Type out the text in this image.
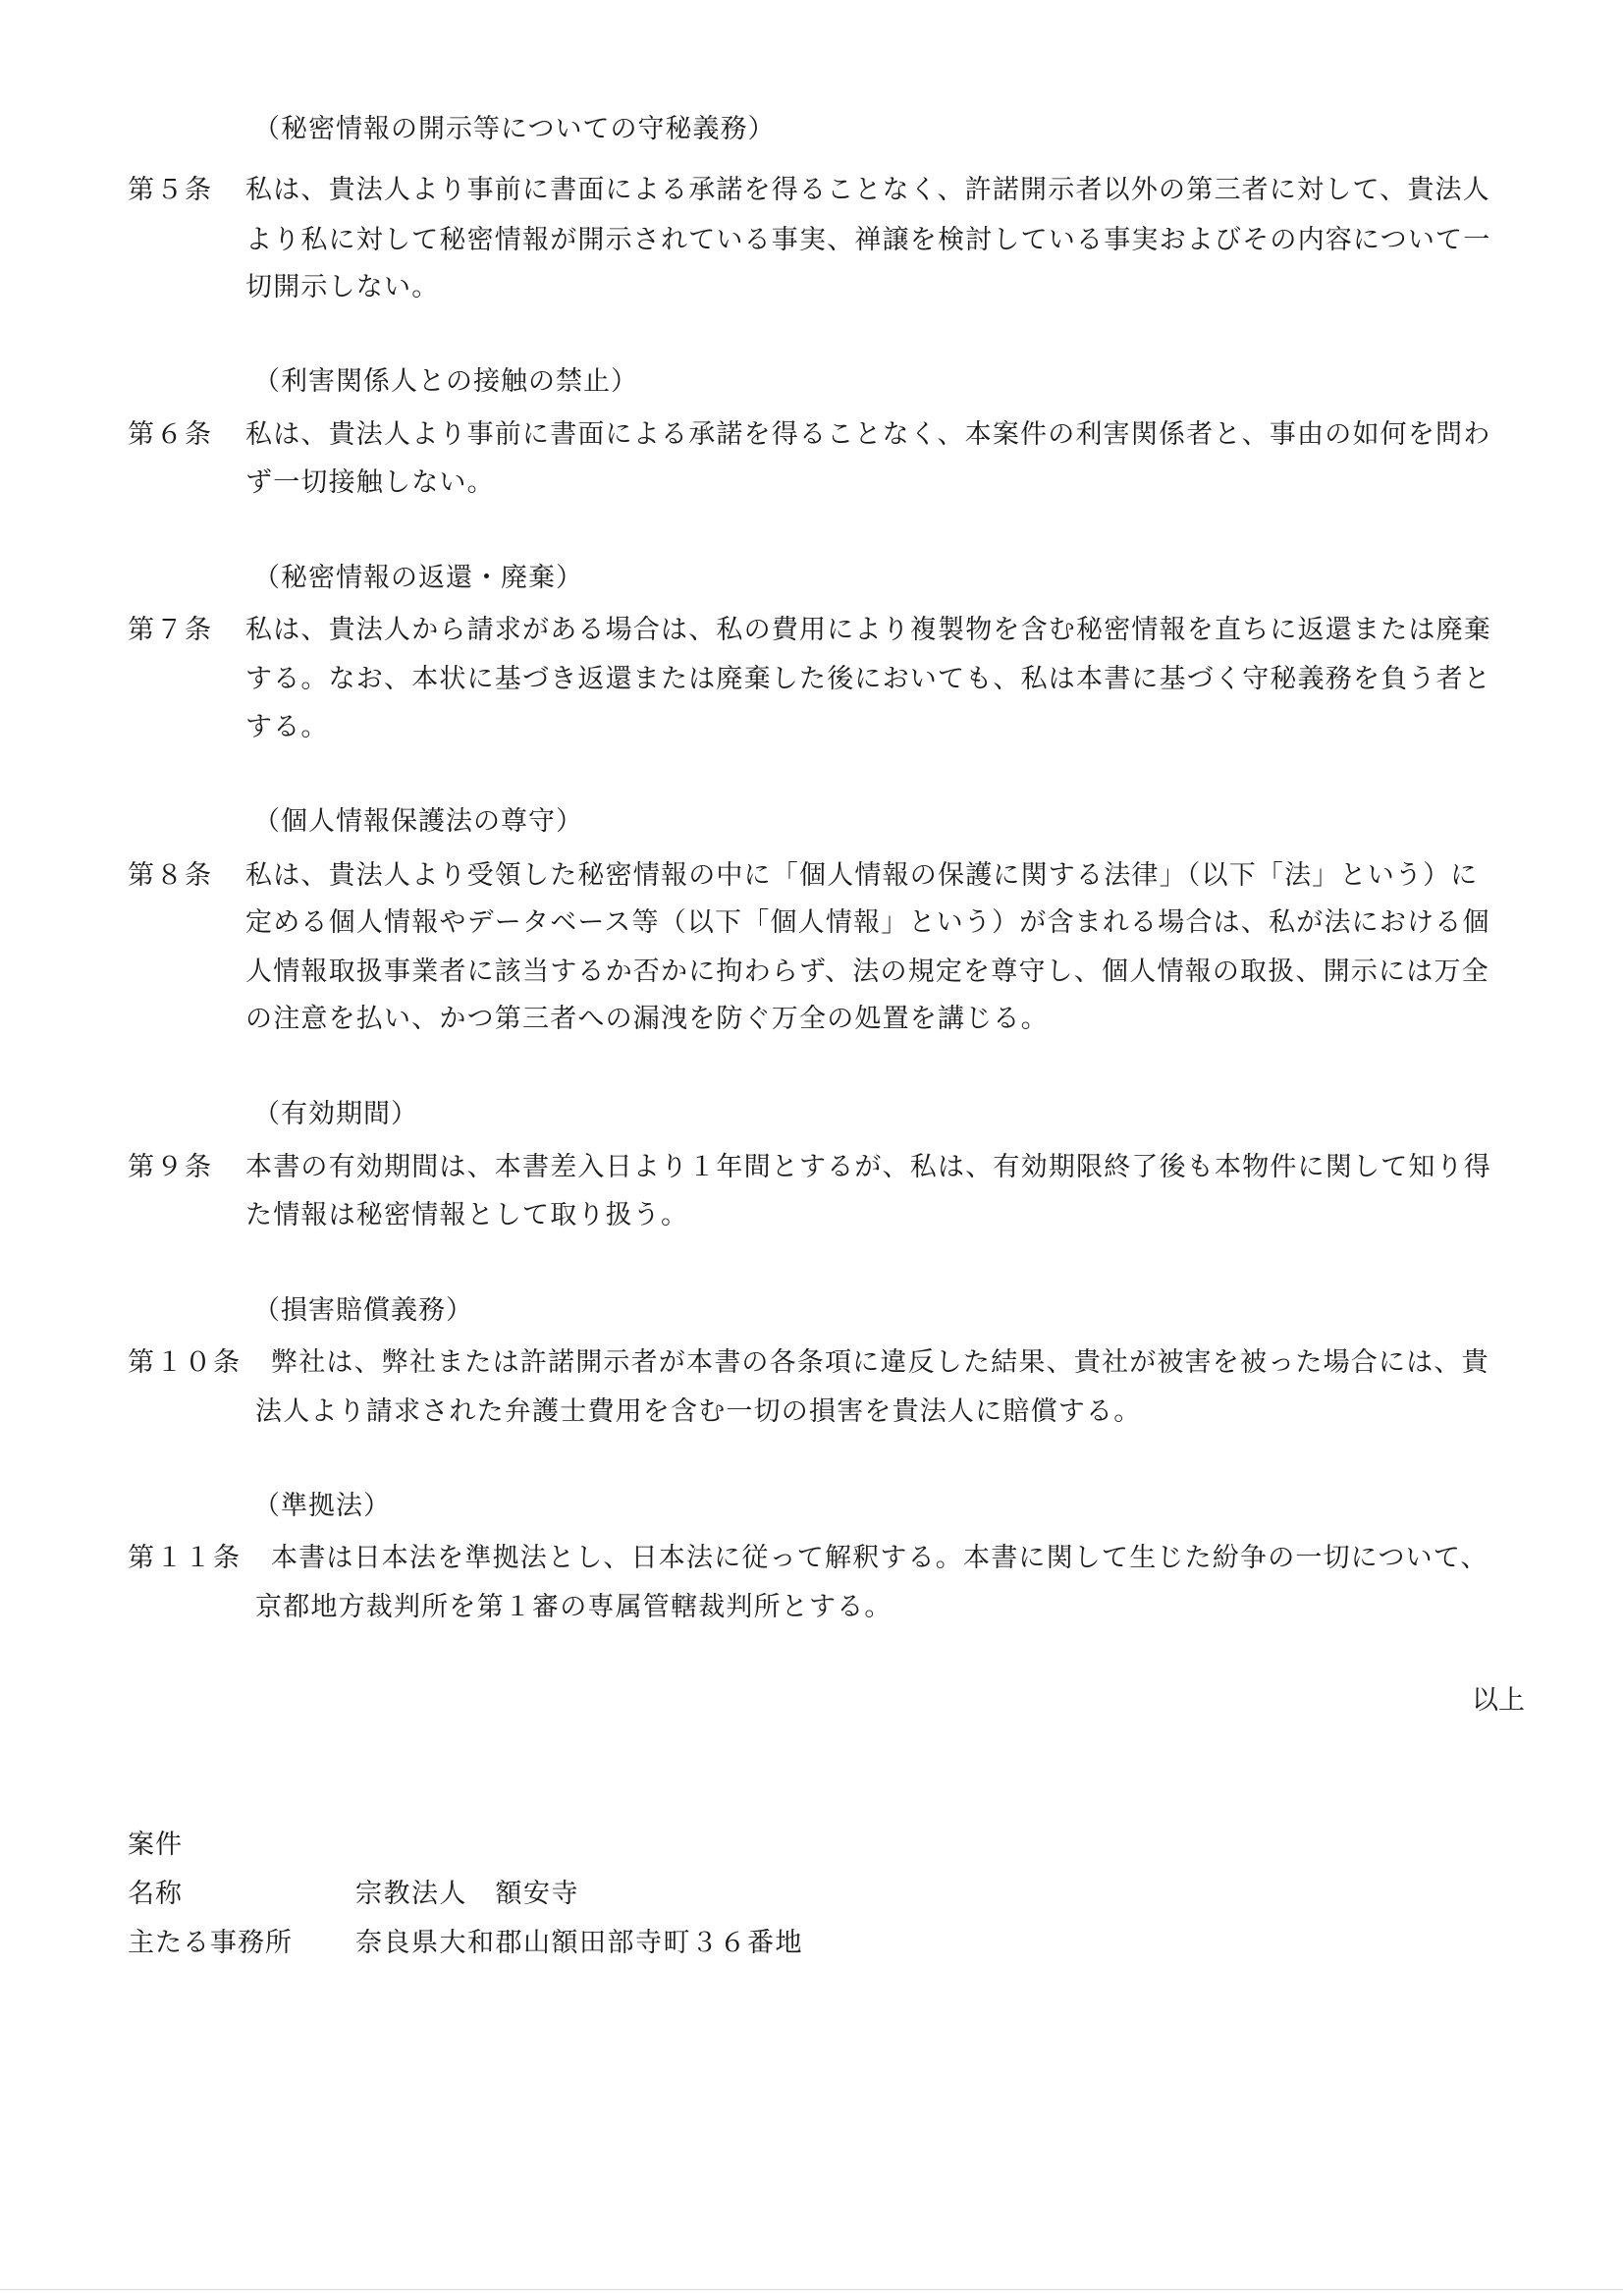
（秘密情報の開示等についての守秘義務）
第５条 私は、貴法人より事前に書面による承諾を得ることなく、許諾開示者以外の第三者に対して、貴法人
より私に対して秘密情報が開示されている事実、禅譲を検討している事実およびその内容について一
切開示しない。
（利害関係人との接触の禁止）
第６条 私は、貴法人より事前に書面による承諾を得ることなく、本案件の利害関係者と、事由の如何を問わ
ず一切接触しない。
（秘密情報の返還・廃棄）
第７条 私は、貴法人から請求がある場合は、私の費用により複製物を含む秘密情報を直ちに返還または廃棄
する。なお、本状に基づき返還または廃棄した後においても、私は本書に基づく守秘義務を負う者と
する。
（個人情報保護法の尊守）
第８条 私は、貴法人より受領した秘密情報の中に「個人情報の保護に関する法律」（以下「法」という）に
定める個人情報やデータベース等（以下「個人情報」という）が含まれる場合は、私が法における個
人情報取扱事業者に該当するか否かに拘わらず、法の規定を尊守し、個人情報の取扱、開示には万全
の注意を払い、かつ第三者への漏洩を防ぐ万全の処置を講じる。
（有効期間）
第９条 本書の有効期間は、本書差入日より１年間とするが、私は、有効期限終了後も本物件に関して知り得
た情報は秘密情報として取り扱う。
（損害賠償義務）
第１０条 弊社は、弊社または許諾開示者が本書の各条項に違反した結果、貴社が被害を被った場合には、貴
法人より請求された弁護士費用を含む一切の損害を貴法人に賠償する。
（準拠法）
第１１条 本書は日本法を準拠法とし、日本法に従って解釈する。本書に関して生じた紛争の一切について、
京都地方裁判所を第１審の専属管轄裁判所とする。
以上
案件
名称	宗教法人　額安寺
主たる事務所 奈良県大和郡山額田部寺町３６番地
